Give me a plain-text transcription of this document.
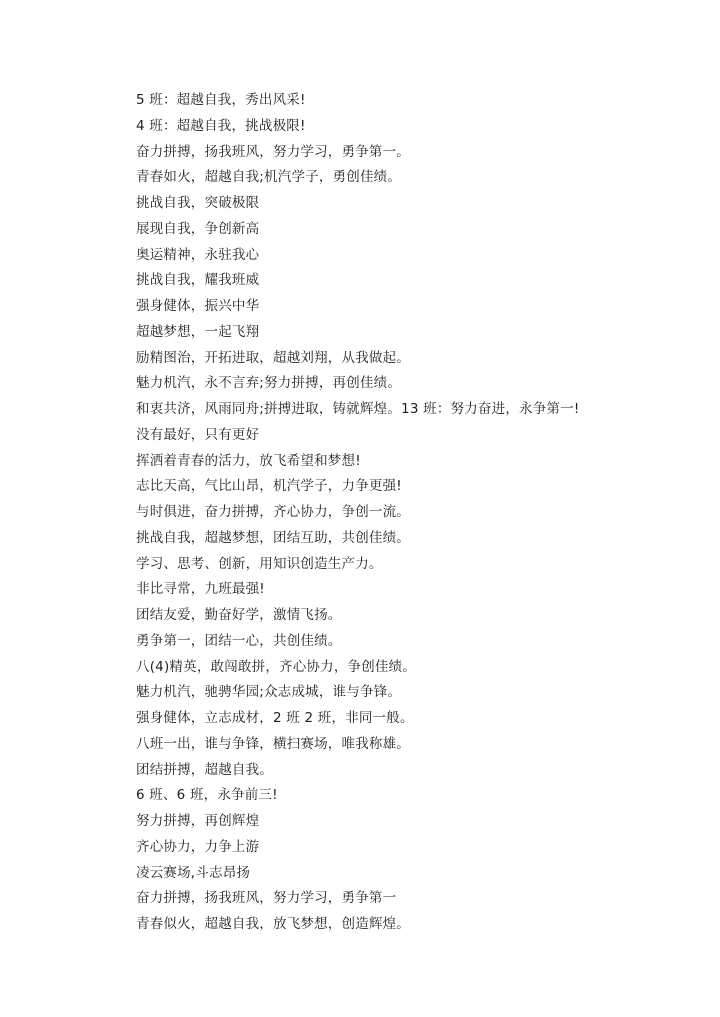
5 班：超越自我，秀出风采!
4 班：超越自我，挑战极限!
奋力拼搏，扬我班风，努力学习，勇争第一。
青春如火，超越自我;机汽学子，勇创佳绩。
挑战自我，突破极限
展现自我，争创新高
奥运精神，永驻我心
挑战自我，耀我班威
强身健体，振兴中华
超越梦想，一起飞翔
励精图治，开拓进取，超越刘翔，从我做起。
魅力机汽，永不言弃;努力拼搏，再创佳绩。
和衷共济，风雨同舟;拼搏进取，铸就辉煌。13 班：努力奋进，永争第一!
没有最好，只有更好
挥洒着青春的活力，放飞希望和梦想!
志比天高，气比山昂，机汽学子，力争更强!
与时俱进，奋力拼搏，齐心协力，争创一流。
挑战自我，超越梦想，团结互助，共创佳绩。
学习、思考、创新，用知识创造生产力。
非比寻常，九班最强!
团结友爱，勤奋好学，激情飞扬。
勇争第一，团结一心，共创佳绩。
八(4)精英，敢闯敢拼，齐心协力，争创佳绩。
魅力机汽，驰骋华园;众志成城，谁与争锋。
强身健体，立志成材，2 班 2 班，非同一般。
八班一出，谁与争锋，横扫赛场，唯我称雄。
团结拼搏，超越自我。
6 班、6 班，永争前三!
努力拼搏，再创辉煌
齐心协力，力争上游
凌云赛场,斗志昂扬
奋力拼搏，扬我班风，努力学习，勇争第一
青春似火，超越自我，放飞梦想，创造辉煌。
